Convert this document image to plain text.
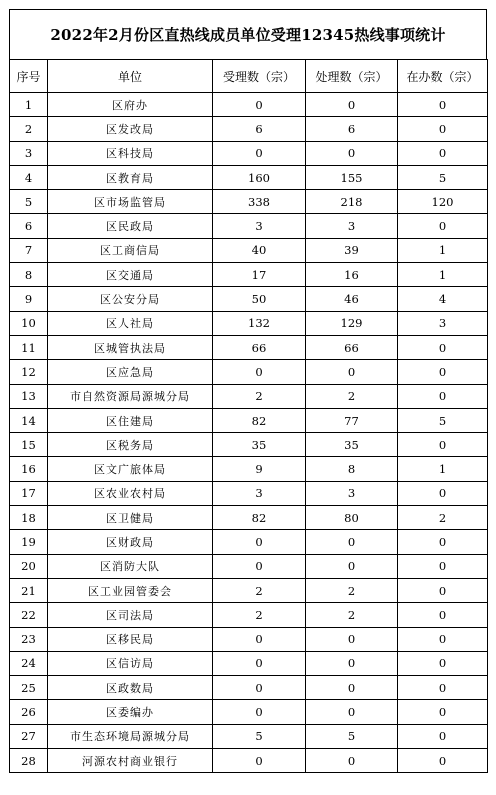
2022年2月份区直热线成员单位受理12345热线事项统计
序号	单位	受理数（宗）	处理数（宗）	在办数（宗）
1	区府办	0	0	0
2	区发改局	6	6	0
3	区科技局	0	0	0
4	区教育局	160	155	5
5	区市场监管局	338	218	120
6	区民政局	3	3	0
7	区工商信局	40	39	1
8	区交通局	17	16	1
9	区公安分局	50	46	4
10	区人社局	132	129	3
11	区城管执法局	66	66	0
12	区应急局	0	0	0
13	市自然资源局源城分局	2	2	0
14	区住建局	82	77	5
15	区税务局	35	35	0
16	区文广旅体局	9	8	1
17	区农业农村局	3	3	0
18	区卫健局	82	80	2
19	区财政局	0	0	0
20	区消防大队	0	0	0
21	区工业园管委会	2	2	0
22	区司法局	2	2	0
23	区移民局	0	0	0
24	区信访局	0	0	0
25	区政数局	0	0	0
26	区委编办	0	0	0
27	市生态环境局源城分局	5	5	0
28	河源农村商业银行	0	0	0
